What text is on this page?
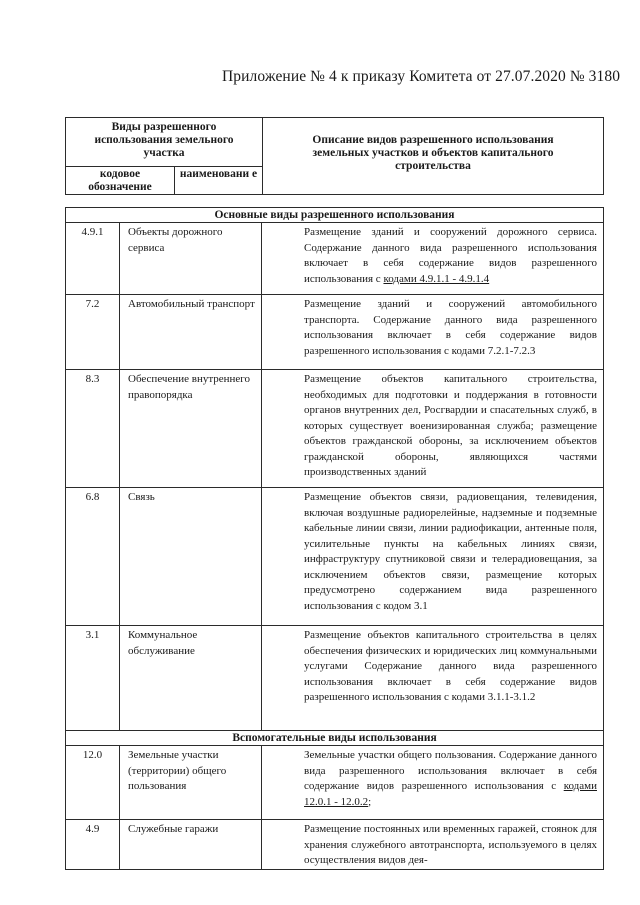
Приложение № 4 к приказу Комитета от 27.07.2020 № 3180
Виды разрешенного использования земельного участка		Описание видов разрешенного использования земельных участков и объектов капитального строительства
кодовое обозначение	наименовани е	
Основные виды разрешенного использования		
4.9.1	Объекты дорожного сервиса	Размещение зданий и сооружений дорожного сервиса. Содержание данного вида разрешенного использования включает в себя содержание видов разрешенного использования с кодами 4.9.1.1 - 4.9.1.4
7.2	Автомобильный транспорт	Размещение зданий и сооружений автомобильного транспорта. Содержание данного вида разрешенного использования включает в себя содержание видов разрешенного использования с кодами 7.2.1-7.2.3
8.3	Обеспечение внутреннего правопорядка	Размещение объектов капитального строительства, необходимых для подготовки и поддержания в готовности органов внутренних дел, Росгвардии и спасательных служб, в которых существует военизированная служба; размещение объектов гражданской обороны, за исключением объектов гражданской обороны, являющихся частями производственных зданий
6.8	Связь	Размещение объектов связи, радиовещания, телевидения, включая воздушные радиорелейные, надземные и подземные кабельные линии связи, линии радиофикации, антенные поля, усилительные пункты на кабельных линиях связи, инфраструктуру спутниковой связи и телерадиовещания, за исключением объектов связи, размещение которых предусмотрено содержанием вида разрешенного использования с кодом 3.1
3.1	Коммунальное обслуживание	Размещение объектов капитального строительства в целях обеспечения физических и юридических лиц коммунальными услугами Содержание данного вида разрешенного использования включает в себя содержание видов разрешенного использования с кодами 3.1.1-3.1.2
Вспомогательные виды использования		
12.0	Земельные участки (территории) общего пользования	Земельные участки общего пользования. Содержание данного вида разрешенного использования включает в себя содержание видов разрешенного использования с кодами 12.0.1 - 12.0.2;
4.9	Служебные гаражи	Размещение постоянных или временных гаражей, стоянок для хранения служебного автотранспорта, используемого в целях осуществления видов дея-
